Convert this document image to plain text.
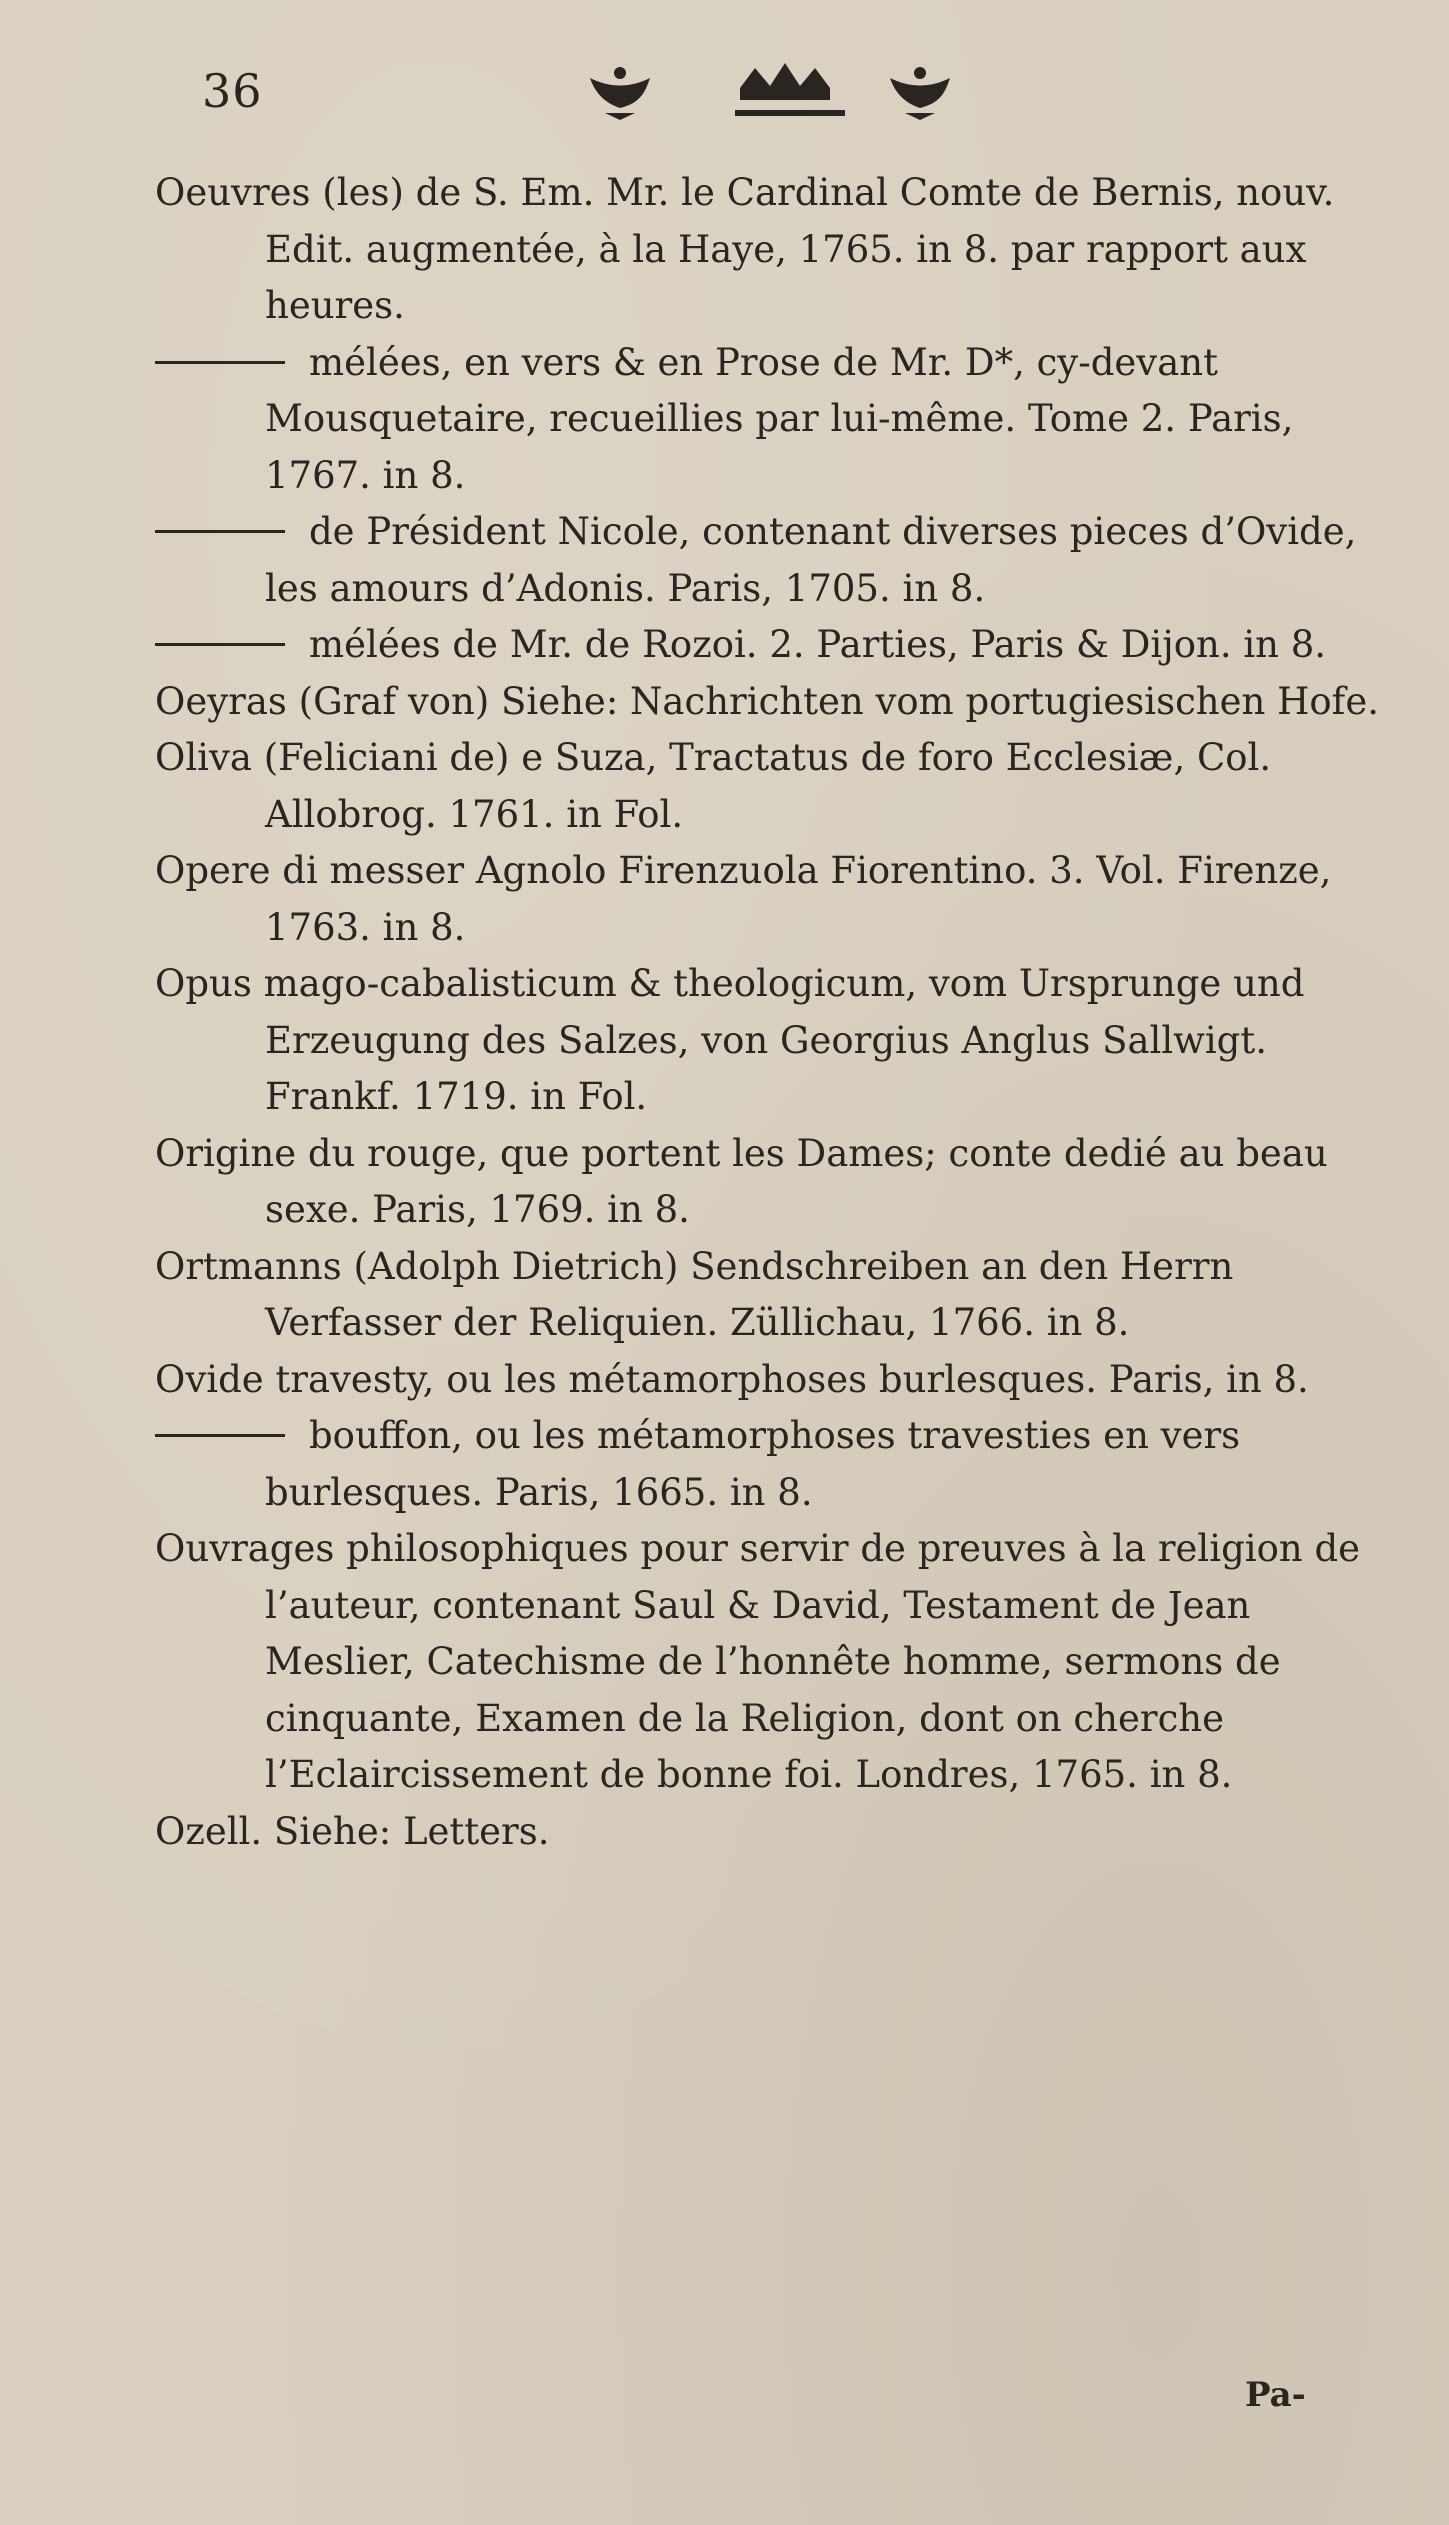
36

Oeuvres (les) de S. Em. Mr. le Cardinal Comte de Bernis, nouv. Edit. augmentée, à la Haye, 1765. in 8. par rapport aux heures.

mélées, en vers & en Prose de Mr. D*, cy-devant Mousquetaire, recueillies par lui-même. Tome 2. Paris, 1767. in 8.

de Président Nicole, contenant diverses pieces d’Ovide, les amours d’Adonis. Paris, 1705. in 8.

mélées de Mr. de Rozoi. 2. Parties, Paris & Dijon. in 8.

Oeyras (Graf von) Siehe: Nachrichten vom portugiesischen Hofe.

Oliva (Feliciani de) e Suza, Tractatus de foro Ecclesiæ, Col. Allobrog. 1761. in Fol.

Opere di messer Agnolo Firenzuola Fiorentino. 3. Vol. Firenze, 1763. in 8.

Opus mago-cabalisticum & theologicum, vom Ursprunge und Erzeugung des Salzes, von Georgius Anglus Sallwigt. Frankf. 1719. in Fol.

Origine du rouge, que portent les Dames; conte dedié au beau sexe. Paris, 1769. in 8.

Ortmanns (Adolph Dietrich) Sendschreiben an den Herrn Verfasser der Reliquien. Züllichau, 1766. in 8.

Ovide travesty, ou les métamorphoses burlesques. Paris, in 8.

bouffon, ou les métamorphoses travesties en vers burlesques. Paris, 1665. in 8.

Ouvrages philosophiques pour servir de preuves à la religion de l’auteur, contenant Saul & David, Testament de Jean Meslier, Catechisme de l’honnête homme, sermons de cinquante, Examen de la Religion, dont on cherche l’Eclaircissement de bonne foi. Londres, 1765. in 8.

Ozell. Siehe: Letters.

Pa-
